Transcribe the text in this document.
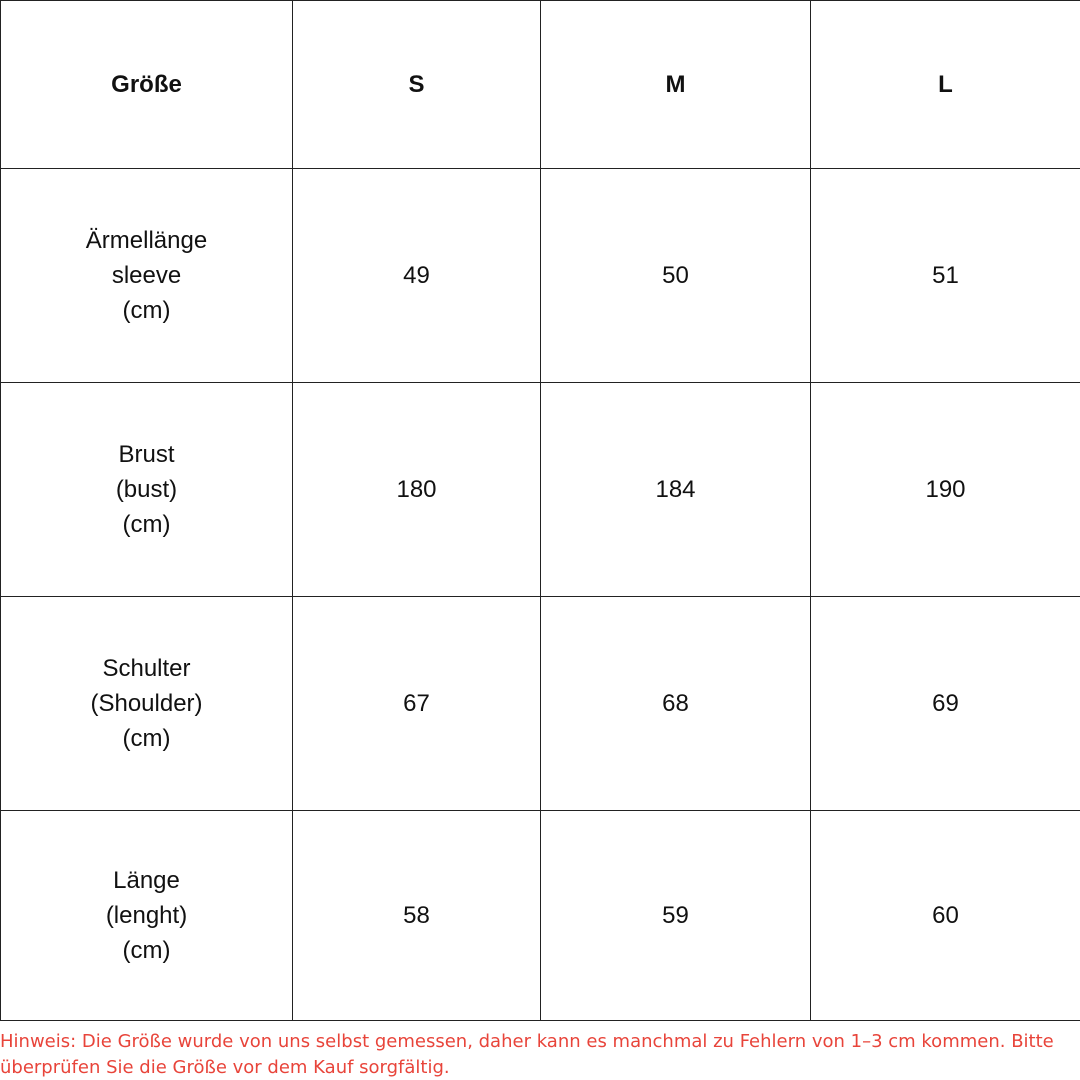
Größe	S	M	L

Ärmellänge
sleeve
(cm)	49	50	51

Brust
(bust)
(cm)	180	184	190

Schulter
(Shoulder)
(cm)	67	68	69

Länge
(lenght)
(cm)	58	59	60
Hinweis: Die Größe wurde von uns selbst gemessen, daher kann es manchmal zu Fehlern von 1–3 cm kommen. Bitte überprüfen Sie die Größe vor dem Kauf sorgfältig.
